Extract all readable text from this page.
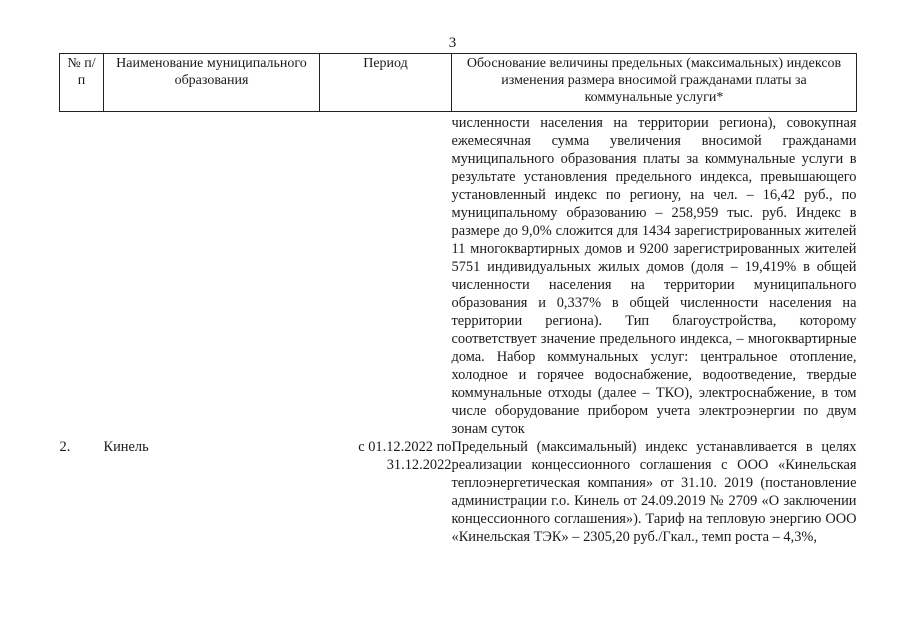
3
№ п/п	Наименование муниципального образования	Период	Обоснование величины предельных (максимальных) индексов изменения размера вносимой гражданами платы за коммунальные услуги*
			численности населения на территории региона), совокупная ежемесячная сумма увеличения вносимой гражданами муниципального образования платы за коммунальные услуги в результате установления предельного индекса, превышающего установленный индекс по региону, на чел. – 16,42 руб., по муниципальному образованию – 258,959 тыс. руб. Индекс в размере до 9,0% сложится для 1434 зарегистрированных жителей 11 многоквартирных домов и 9200 зарегистрированных жителей 5751 индивидуальных жилых домов (доля – 19,419% в общей численности населения на территории муниципального образования и 0,337% в общей численности населения на территории региона). Тип благоустройства, которому соответствует значение предельного индекса, – многоквартирные дома. Набор коммунальных услуг: центральное отопление, холодное и горячее водоснабжение, водоотведение, твердые коммунальные отходы (далее – ТКО), электроснабжение, в том числе оборудование прибором учета электроэнергии по двум зонам суток
2.	Кинель	с 01.12.2022 по 31.12.2022	Предельный (максимальный) индекс устанавливается в целях реализации концессионного соглашения с ООО «Кинельская теплоэнергетическая компания» от 31.10. 2019 (постановление администрации г.о. Кинель от 24.09.2019 № 2709 «О заключении концессионного соглашения»). Тариф на тепловую энергию ООО «Кинельская ТЭК» – 2305,20 руб./Гкал., темп роста – 4,3%,
